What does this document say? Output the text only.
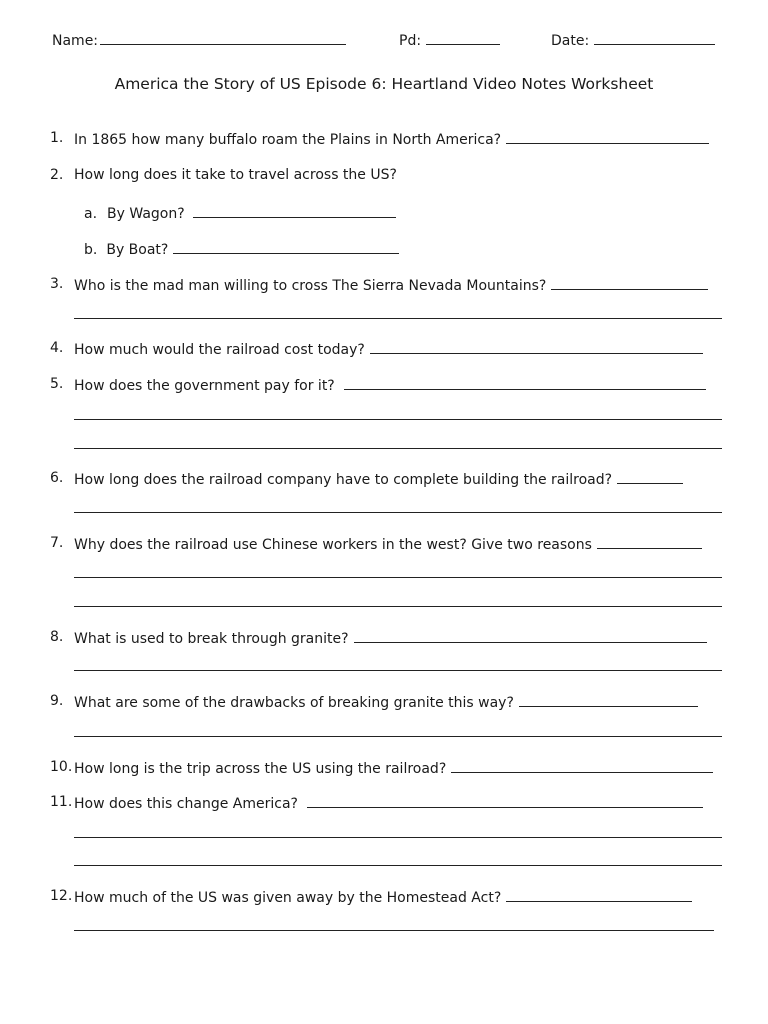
Name:	Pd:	Date:
America the Story of US Episode 6: Heartland Video Notes Worksheet
1. In 1865 how many buffalo roam the Plains in North America?
2. How long does it take to travel across the US?
a. By Wagon?
b. By Boat?
3. Who is the mad man willing to cross The Sierra Nevada Mountains?
4. How much would the railroad cost today?
5. How does the government pay for it?
6. How long does the railroad company have to complete building the railroad?
7. Why does the railroad use Chinese workers in the west? Give two reasons
8. What is used to break through granite?
9. What are some of the drawbacks of breaking granite this way?
10. How long is the trip across the US using the railroad?
11. How does this change America?
12. How much of the US was given away by the Homestead Act?
